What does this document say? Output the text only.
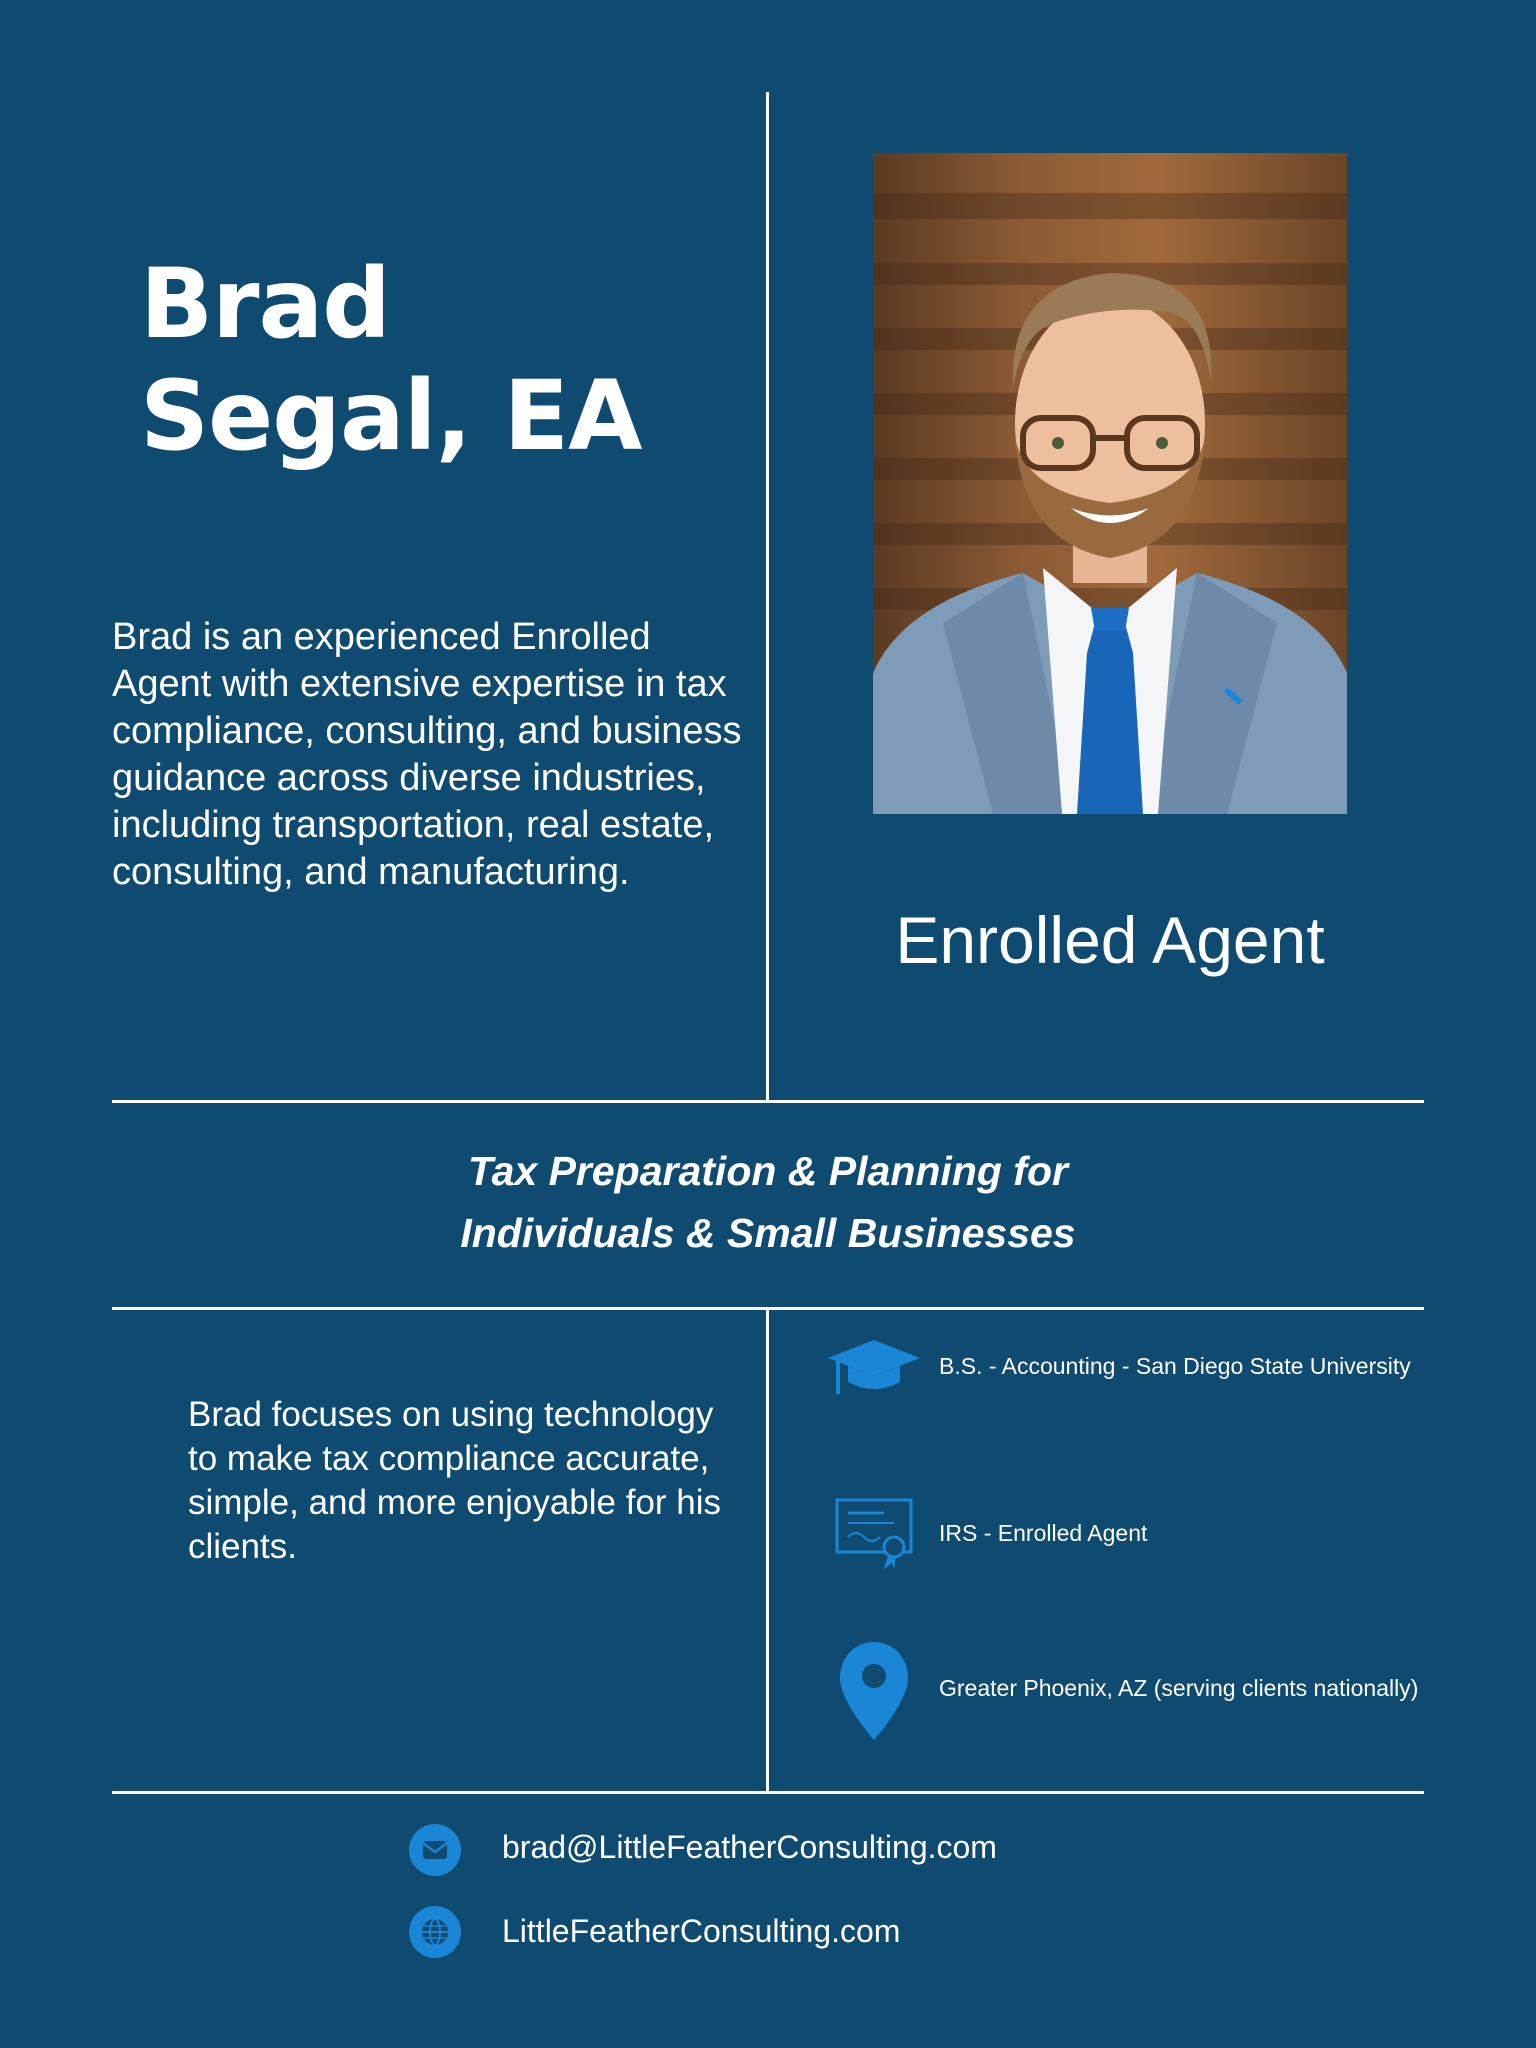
Brad
Segal, EA
Brad is an experienced Enrolled Agent with extensive expertise in tax compliance, consulting, and business guidance across diverse industries, including transportation, real estate, consulting, and manufacturing.
Enrolled Agent
Tax Preparation & Planning for
Individuals & Small Businesses
Brad focuses on using technology to make tax compliance accurate, simple, and more enjoyable for his clients.
B.S. - Accounting - San Diego State University
IRS - Enrolled Agent
Greater Phoenix, AZ (serving clients nationally)
brad@LittleFeatherConsulting.com
LittleFeatherConsulting.com
